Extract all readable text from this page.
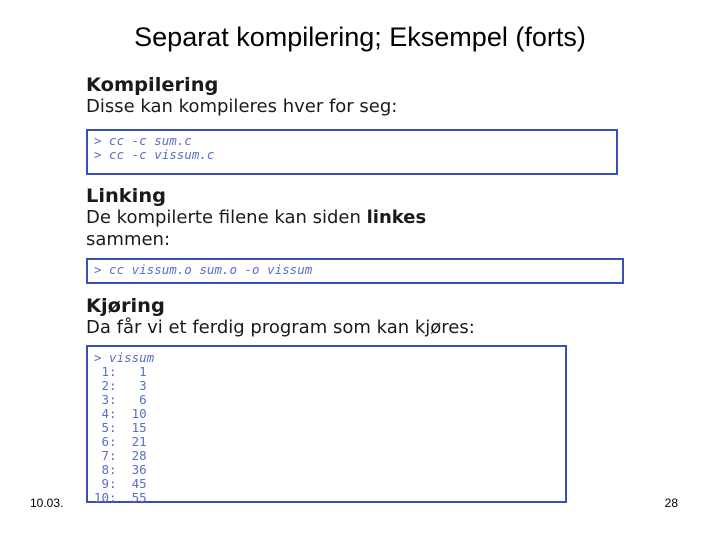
Separat kompilering; Eksempel (forts)

Kompilering

Disse kan kompileres hver for seg:

> cc -c sum.c
> cc -c vissum.c

Linking

De kompilerte filene kan siden linkes
sammen:

> cc vissum.o sum.o -o vissum

Kjøring

Da får vi et ferdig program som kan kjøres:

> vissum
1:   1
2:   3
3:   6
4:  10
5:  15
6:  21
7:  28
8:  36
9:  45
10:  55
10.03.	28
